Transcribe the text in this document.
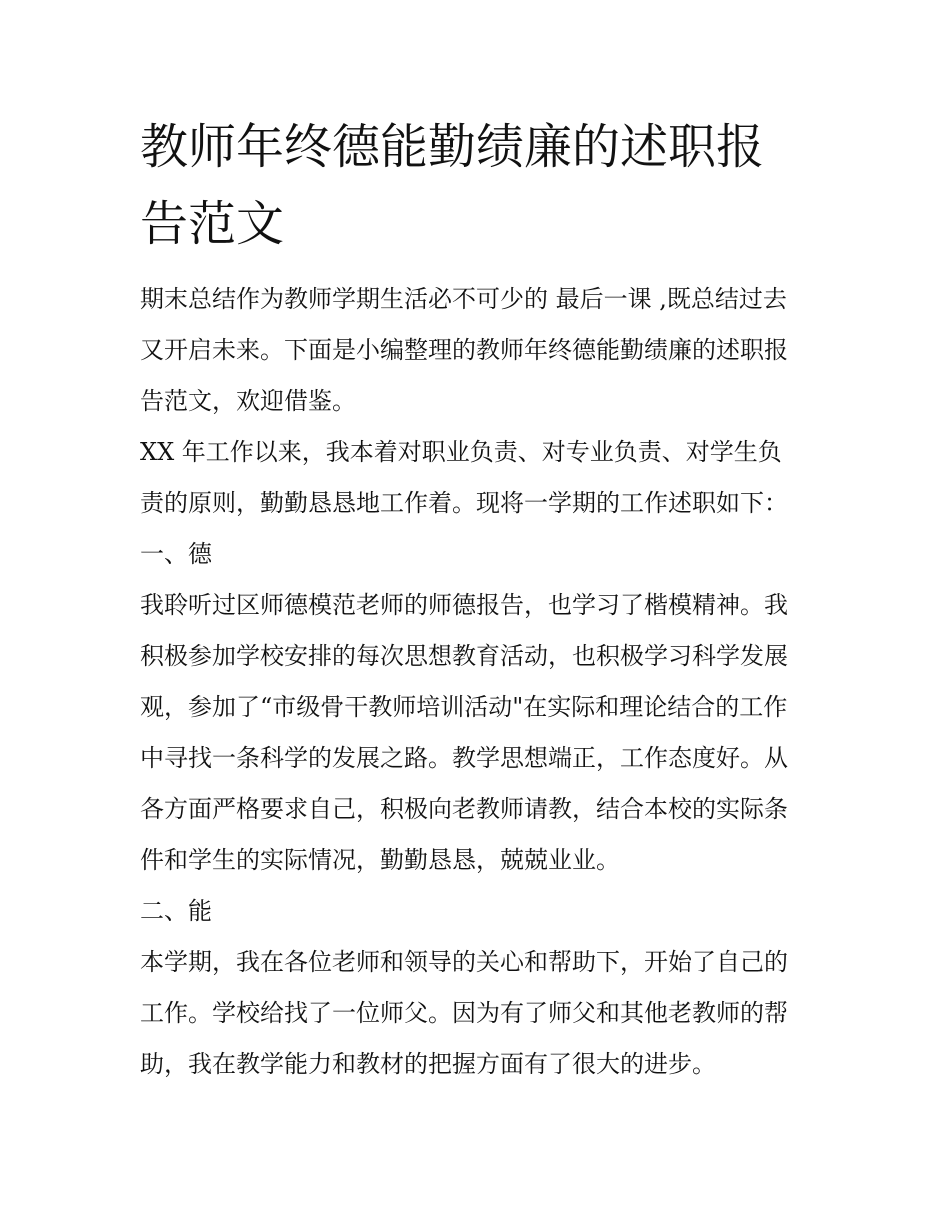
教师年终德能勤绩廉的述职报
告范文
期末总结作为教师学期生活必不可少的 最后一课 ,既总结过去
又开启未来。下面是小编整理的教师年终德能勤绩廉的述职报
告范文，欢迎借鉴。
XX 年工作以来，我本着对职业负责、对专业负责、对学生负
责的原则，勤勤恳恳地工作着。现将一学期的工作述职如下：
一、德
我聆听过区师德模范老师的师德报告，也学习了楷模精神。我
积极参加学校安排的每次思想教育活动，也积极学习科学发展
观，参加了“市级骨干教师培训活动"在实际和理论结合的工作
中寻找一条科学的发展之路。教学思想端正，工作态度好。从
各方面严格要求自己，积极向老教师请教，结合本校的实际条
件和学生的实际情况，勤勤恳恳，兢兢业业。
二、能
本学期，我在各位老师和领导的关心和帮助下，开始了自己的
工作。学校给找了一位师父。因为有了师父和其他老教师的帮
助，我在教学能力和教材的把握方面有了很大的进步。
